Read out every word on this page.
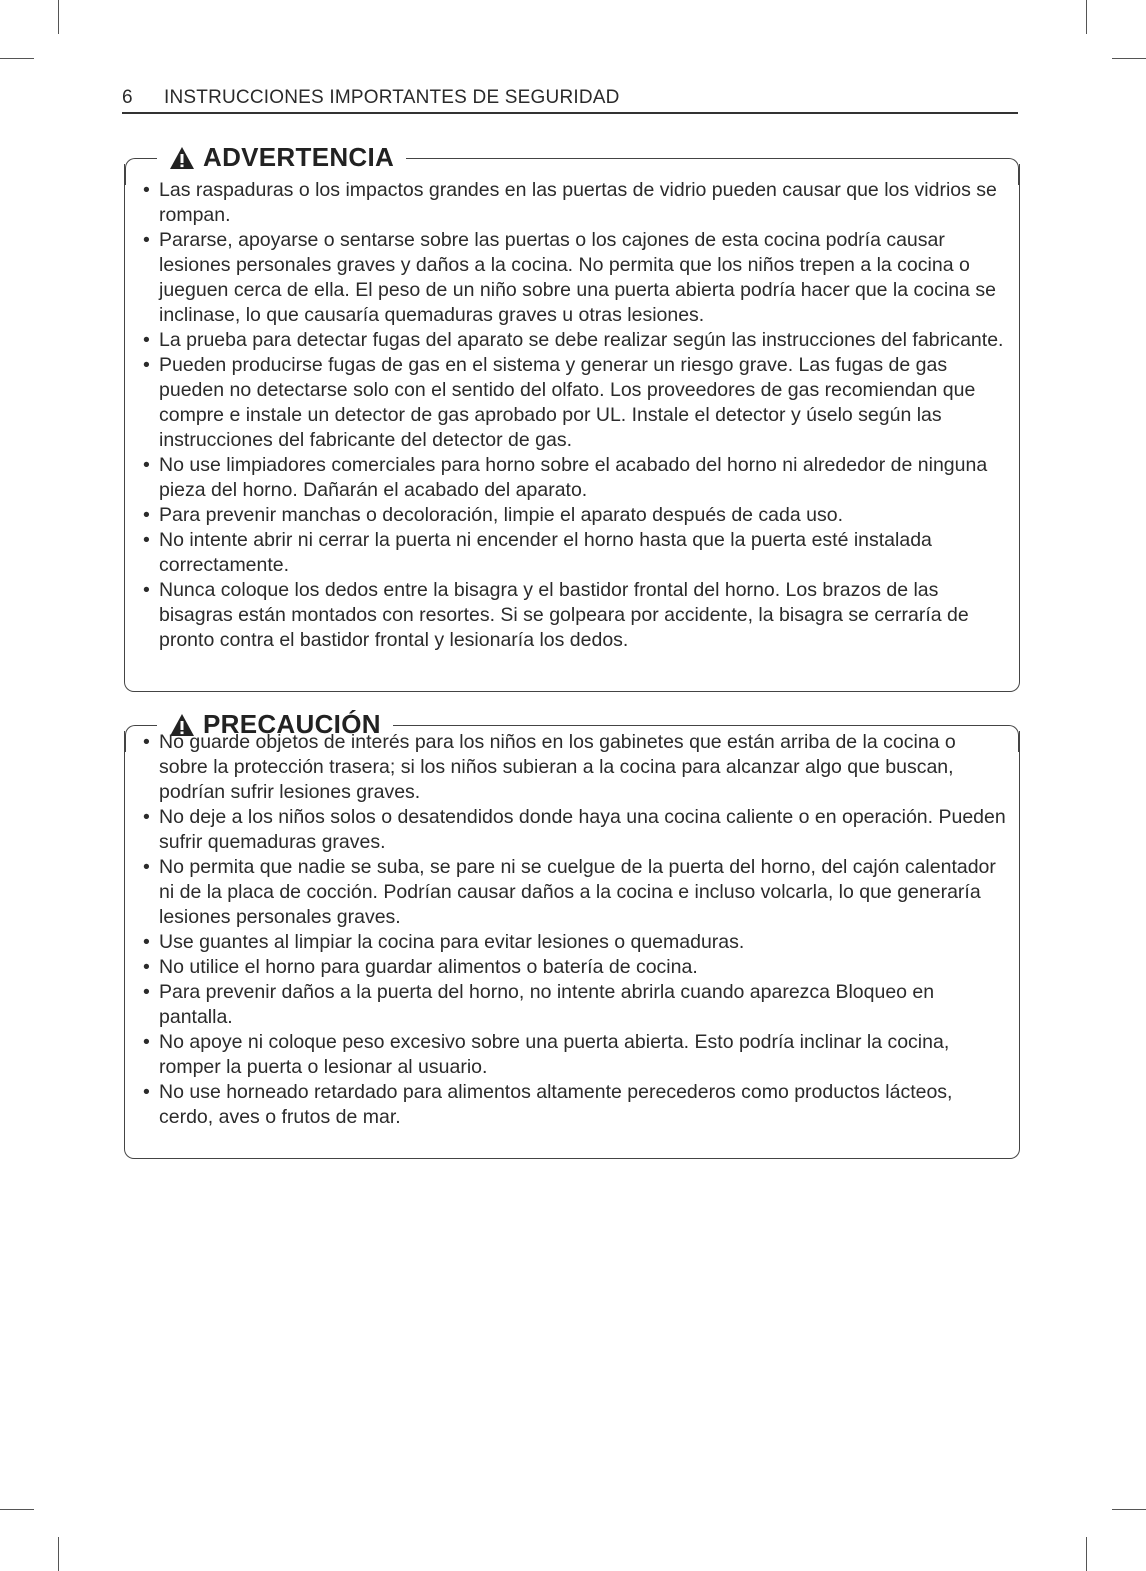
6 INSTRUCCIONES IMPORTANTES DE SEGURIDAD
ADVERTENCIA
• Las raspaduras o los impactos grandes en las puertas de vidrio pueden causar que los vidrios se rompan.
• Pararse, apoyarse o sentarse sobre las puertas o los cajones de esta cocina podría causar lesiones personales graves y daños a la cocina. No permita que los niños trepen a la cocina o jueguen cerca de ella. El peso de un niño sobre una puerta abierta podría hacer que la cocina se inclinase, lo que causaría quemaduras graves u otras lesiones.
• La prueba para detectar fugas del aparato se debe realizar según las instrucciones del fabricante.
• Pueden producirse fugas de gas en el sistema y generar un riesgo grave. Las fugas de gas pueden no detectarse solo con el sentido del olfato. Los proveedores de gas recomiendan que compre e instale un detector de gas aprobado por UL. Instale el detector y úselo según las instrucciones del fabricante del detector de gas.
• No use limpiadores comerciales para horno sobre el acabado del horno ni alrededor de ninguna pieza del horno. Dañarán el acabado del aparato.
• Para prevenir manchas o decoloración, limpie el aparato después de cada uso.
• No intente abrir ni cerrar la puerta ni encender el horno hasta que la puerta esté instalada correctamente.
• Nunca coloque los dedos entre la bisagra y el bastidor frontal del horno. Los brazos de las bisagras están montados con resortes. Si se golpeara por accidente, la bisagra se cerraría de pronto contra el bastidor frontal y lesionaría los dedos.
PRECAUCIÓN
• No guarde objetos de interés para los niños en los gabinetes que están arriba de la cocina o sobre la protección trasera; si los niños subieran a la cocina para alcanzar algo que buscan, podrían sufrir lesiones graves.
• No deje a los niños solos o desatendidos donde haya una cocina caliente o en operación. Pueden sufrir quemaduras graves.
• No permita que nadie se suba, se pare ni se cuelgue de la puerta del horno, del cajón calentador ni de la placa de cocción. Podrían causar daños a la cocina e incluso volcarla, lo que generaría lesiones personales graves.
• Use guantes al limpiar la cocina para evitar lesiones o quemaduras.
• No utilice el horno para guardar alimentos o batería de cocina.
• Para prevenir daños a la puerta del horno, no intente abrirla cuando aparezca Bloqueo en pantalla.
• No apoye ni coloque peso excesivo sobre una puerta abierta. Esto podría inclinar la cocina, romper la puerta o lesionar al usuario.
• No use horneado retardado para alimentos altamente perecederos como productos lácteos, cerdo, aves o frutos de mar.
